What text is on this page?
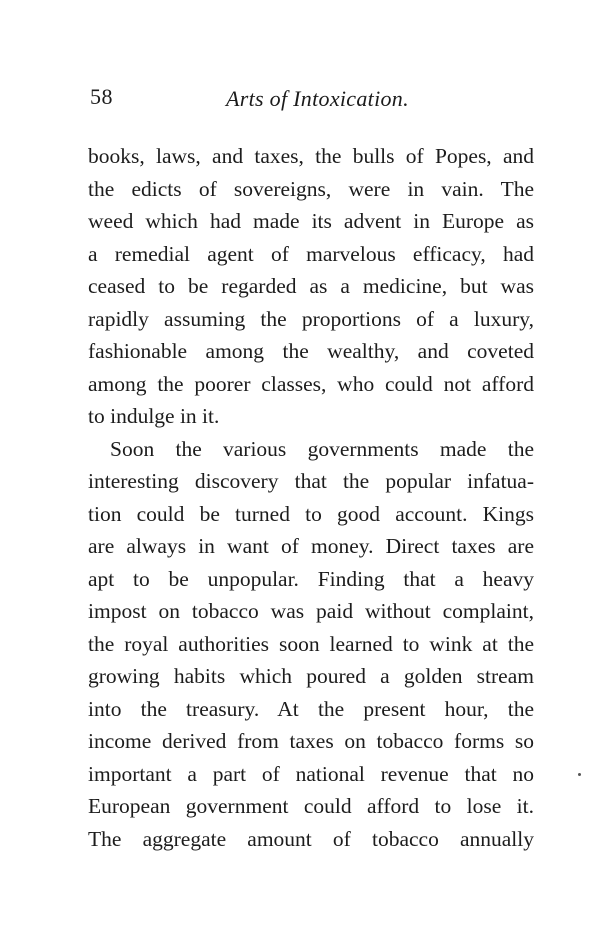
58	Arts of Intoxication.
books, laws, and taxes, the bulls of Popes, and
the edicts of sovereigns, were in vain. The
weed which had made its advent in Europe as
a remedial agent of marvelous efficacy, had
ceased to be regarded as a medicine, but was
rapidly assuming the proportions of a luxury,
fashionable among the wealthy, and coveted
among the poorer classes, who could not afford
to indulge in it.
Soon the various governments made the
interesting discovery that the popular infatua-
tion could be turned to good account. Kings
are always in want of money. Direct taxes are
apt to be unpopular. Finding that a heavy
impost on tobacco was paid without complaint,
the royal authorities soon learned to wink at the
growing habits which poured a golden stream
into the treasury. At the present hour, the
income derived from taxes on tobacco forms so
important a part of national revenue that no
European government could afford to lose it.
The aggregate amount of tobacco annually
